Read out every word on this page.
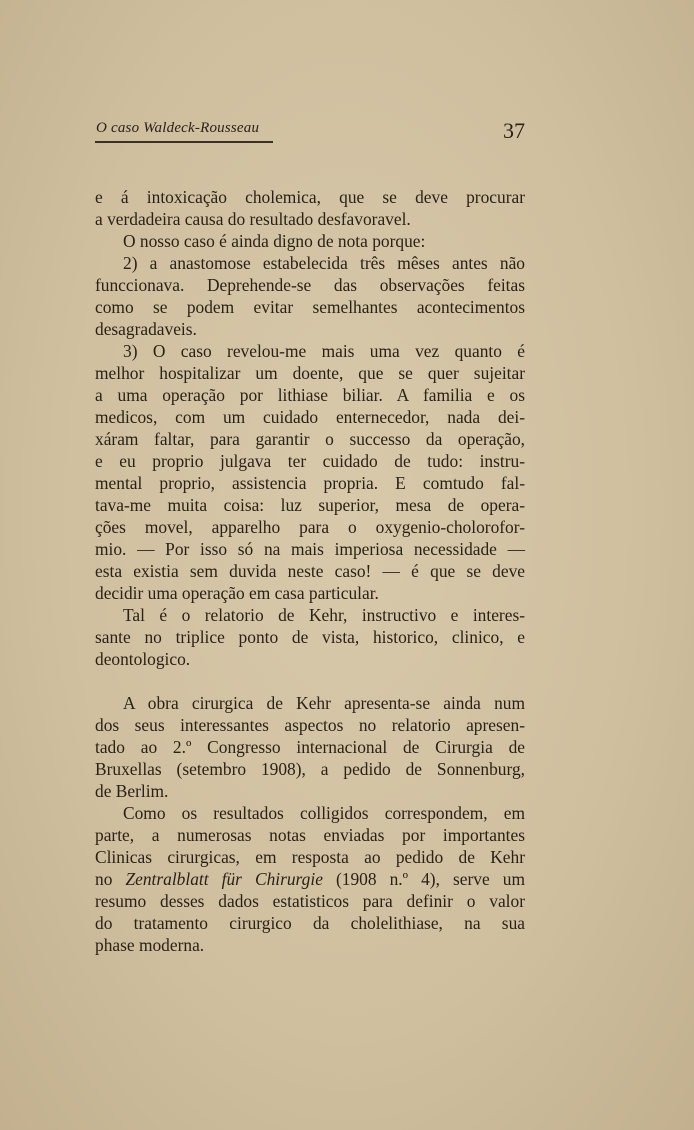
O caso Waldeck-Rousseau	37
e á intoxicação cholemica, que se deve procurar
a verdadeira causa do resultado desfavoravel.
O nosso caso é ainda digno de nota porque:
2) a anastomose estabelecida três mêses antes não
funccionava. Deprehende-se das observações feitas
como se podem evitar semelhantes acontecimentos
desagradaveis.
3) O caso revelou-me mais uma vez quanto é
melhor hospitalizar um doente, que se quer sujeitar
a uma operação por lithiase biliar. A familia e os
medicos, com um cuidado enternecedor, nada dei-
xáram faltar, para garantir o successo da operação,
e eu proprio julgava ter cuidado de tudo: instru-
mental proprio, assistencia propria. E comtudo fal-
tava-me muita coisa: luz superior, mesa de opera-
ções movel, apparelho para o oxygenio-cholorofor-
mio. — Por isso só na mais imperiosa necessidade —
esta existia sem duvida neste caso! — é que se deve
decidir uma operação em casa particular.
Tal é o relatorio de Kehr, instructivo e interes-
sante no triplice ponto de vista, historico, clinico, e
deontologico.
A obra cirurgica de Kehr apresenta-se ainda num
dos seus interessantes aspectos no relatorio apresen-
tado ao 2.º Congresso internacional de Cirurgia de
Bruxellas (setembro 1908), a pedido de Sonnenburg,
de Berlim.
Como os resultados colligidos correspondem, em
parte, a numerosas notas enviadas por importantes
Clinicas cirurgicas, em resposta ao pedido de Kehr
no Zentralblatt für Chirurgie (1908 n.º 4), serve um
resumo desses dados estatisticos para definir o valor
do tratamento cirurgico da cholelithiase, na sua
phase moderna.
